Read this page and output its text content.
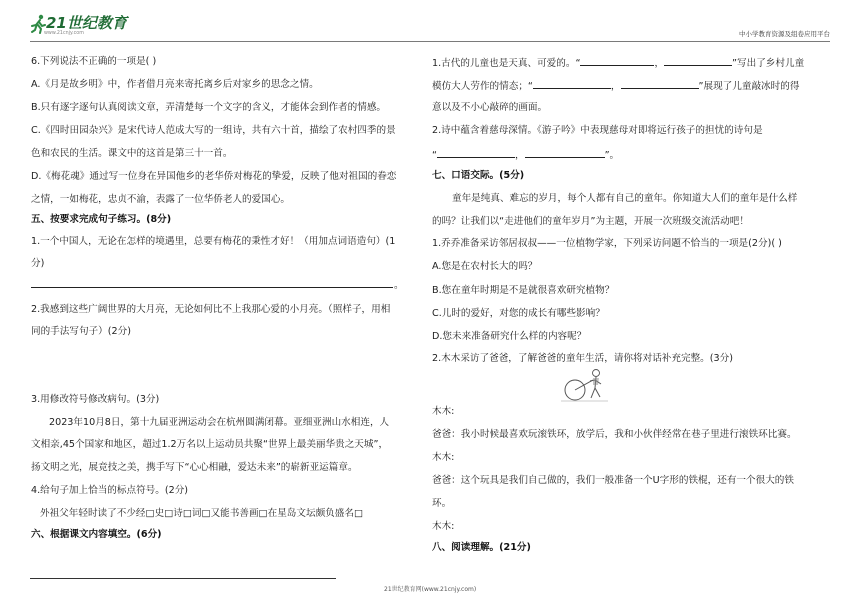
21世纪教育
www.21cnjy.com	中小学教育资源及组卷应用平台
6.下列说法不正确的一项是( )
A.《月是故乡明》中，作者借月亮来寄托离乡后对家乡的思念之情。
B.只有逐字逐句认真阅读文章，弄清楚每一个文字的含义，才能体会到作者的情感。
C.《四时田园杂兴》是宋代诗人范成大写的一组诗，共有六十首，描绘了农村四季的景
色和农民的生活。课文中的这首是第三十一首。
D.《梅花魂》通过写一位身在异国他乡的老华侨对梅花的挚爱，反映了他对祖国的眷恋
之情，一如梅花，忠贞不渝，表露了一位华侨老人的爱国心。
五、按要求完成句子练习。(8分)
1.一个中国人，无论在怎样的境遇里，总要有梅花的秉性才好！（用加点词语造句）(1
分)
。
2.我感到这些广阔世界的大月亮，无论如何比不上我那心爱的小月亮。（照样子，用相
同的手法写句子）(2分)
3.用修改符号修改病句。(3分)
2023年10月8日，第十九届亚洲运动会在杭州圆满闭幕。亚细亚洲山水相连，人
文相亲,45个国家和地区，超过1.2万名以上运动员共聚“世界上最美丽华贵之天城”，
扬文明之光，展竞技之美，携手写下“心心相融，爱达未来”的崭新亚运篇章。
4.给句子加上恰当的标点符号。(2分)
外祖父年轻时读了不少经□史□诗□词□又能书善画□在星岛文坛颇负盛名□
六、根据课文内容填空。(6分)
1.古代的儿童也是天真、可爱的。“	，	”写出了乡村儿童
模仿大人劳作的情态；“	，	”展现了儿童敲冰时的得
意以及不小心敲碎的画面。
2.诗中蕴含着慈母深情。《游子吟》中表现慈母对即将远行孩子的担忧的诗句是
“	，	”。
七、口语交际。(5分)
童年是纯真、难忘的岁月，每个人都有自己的童年。你知道大人们的童年是什么样
的吗？让我们以“走进他们的童年岁月”为主题，开展一次班级交流活动吧！
1.乔乔准备采访邻居叔叔——一位植物学家，下列采访问题不恰当的一项是(2分)( )
A.您是在农村长大的吗？
B.您在童年时期是不是就很喜欢研究植物？
C.儿时的爱好，对您的成长有哪些影响？
D.您未来准备研究什么样的内容呢？
2.木木采访了爸爸，了解爸爸的童年生活，请你将对话补充完整。(3分)
木木:
爸爸：我小时候最喜欢玩滚铁环，放学后，我和小伙伴经常在巷子里进行滚铁环比赛。
木木:
爸爸：这个玩具是我们自己做的，我们一般准备一个U字形的铁棍，还有一个很大的铁
环。
木木:
八、阅读理解。(21分)
21世纪教育网(www.21cnjy.com)
